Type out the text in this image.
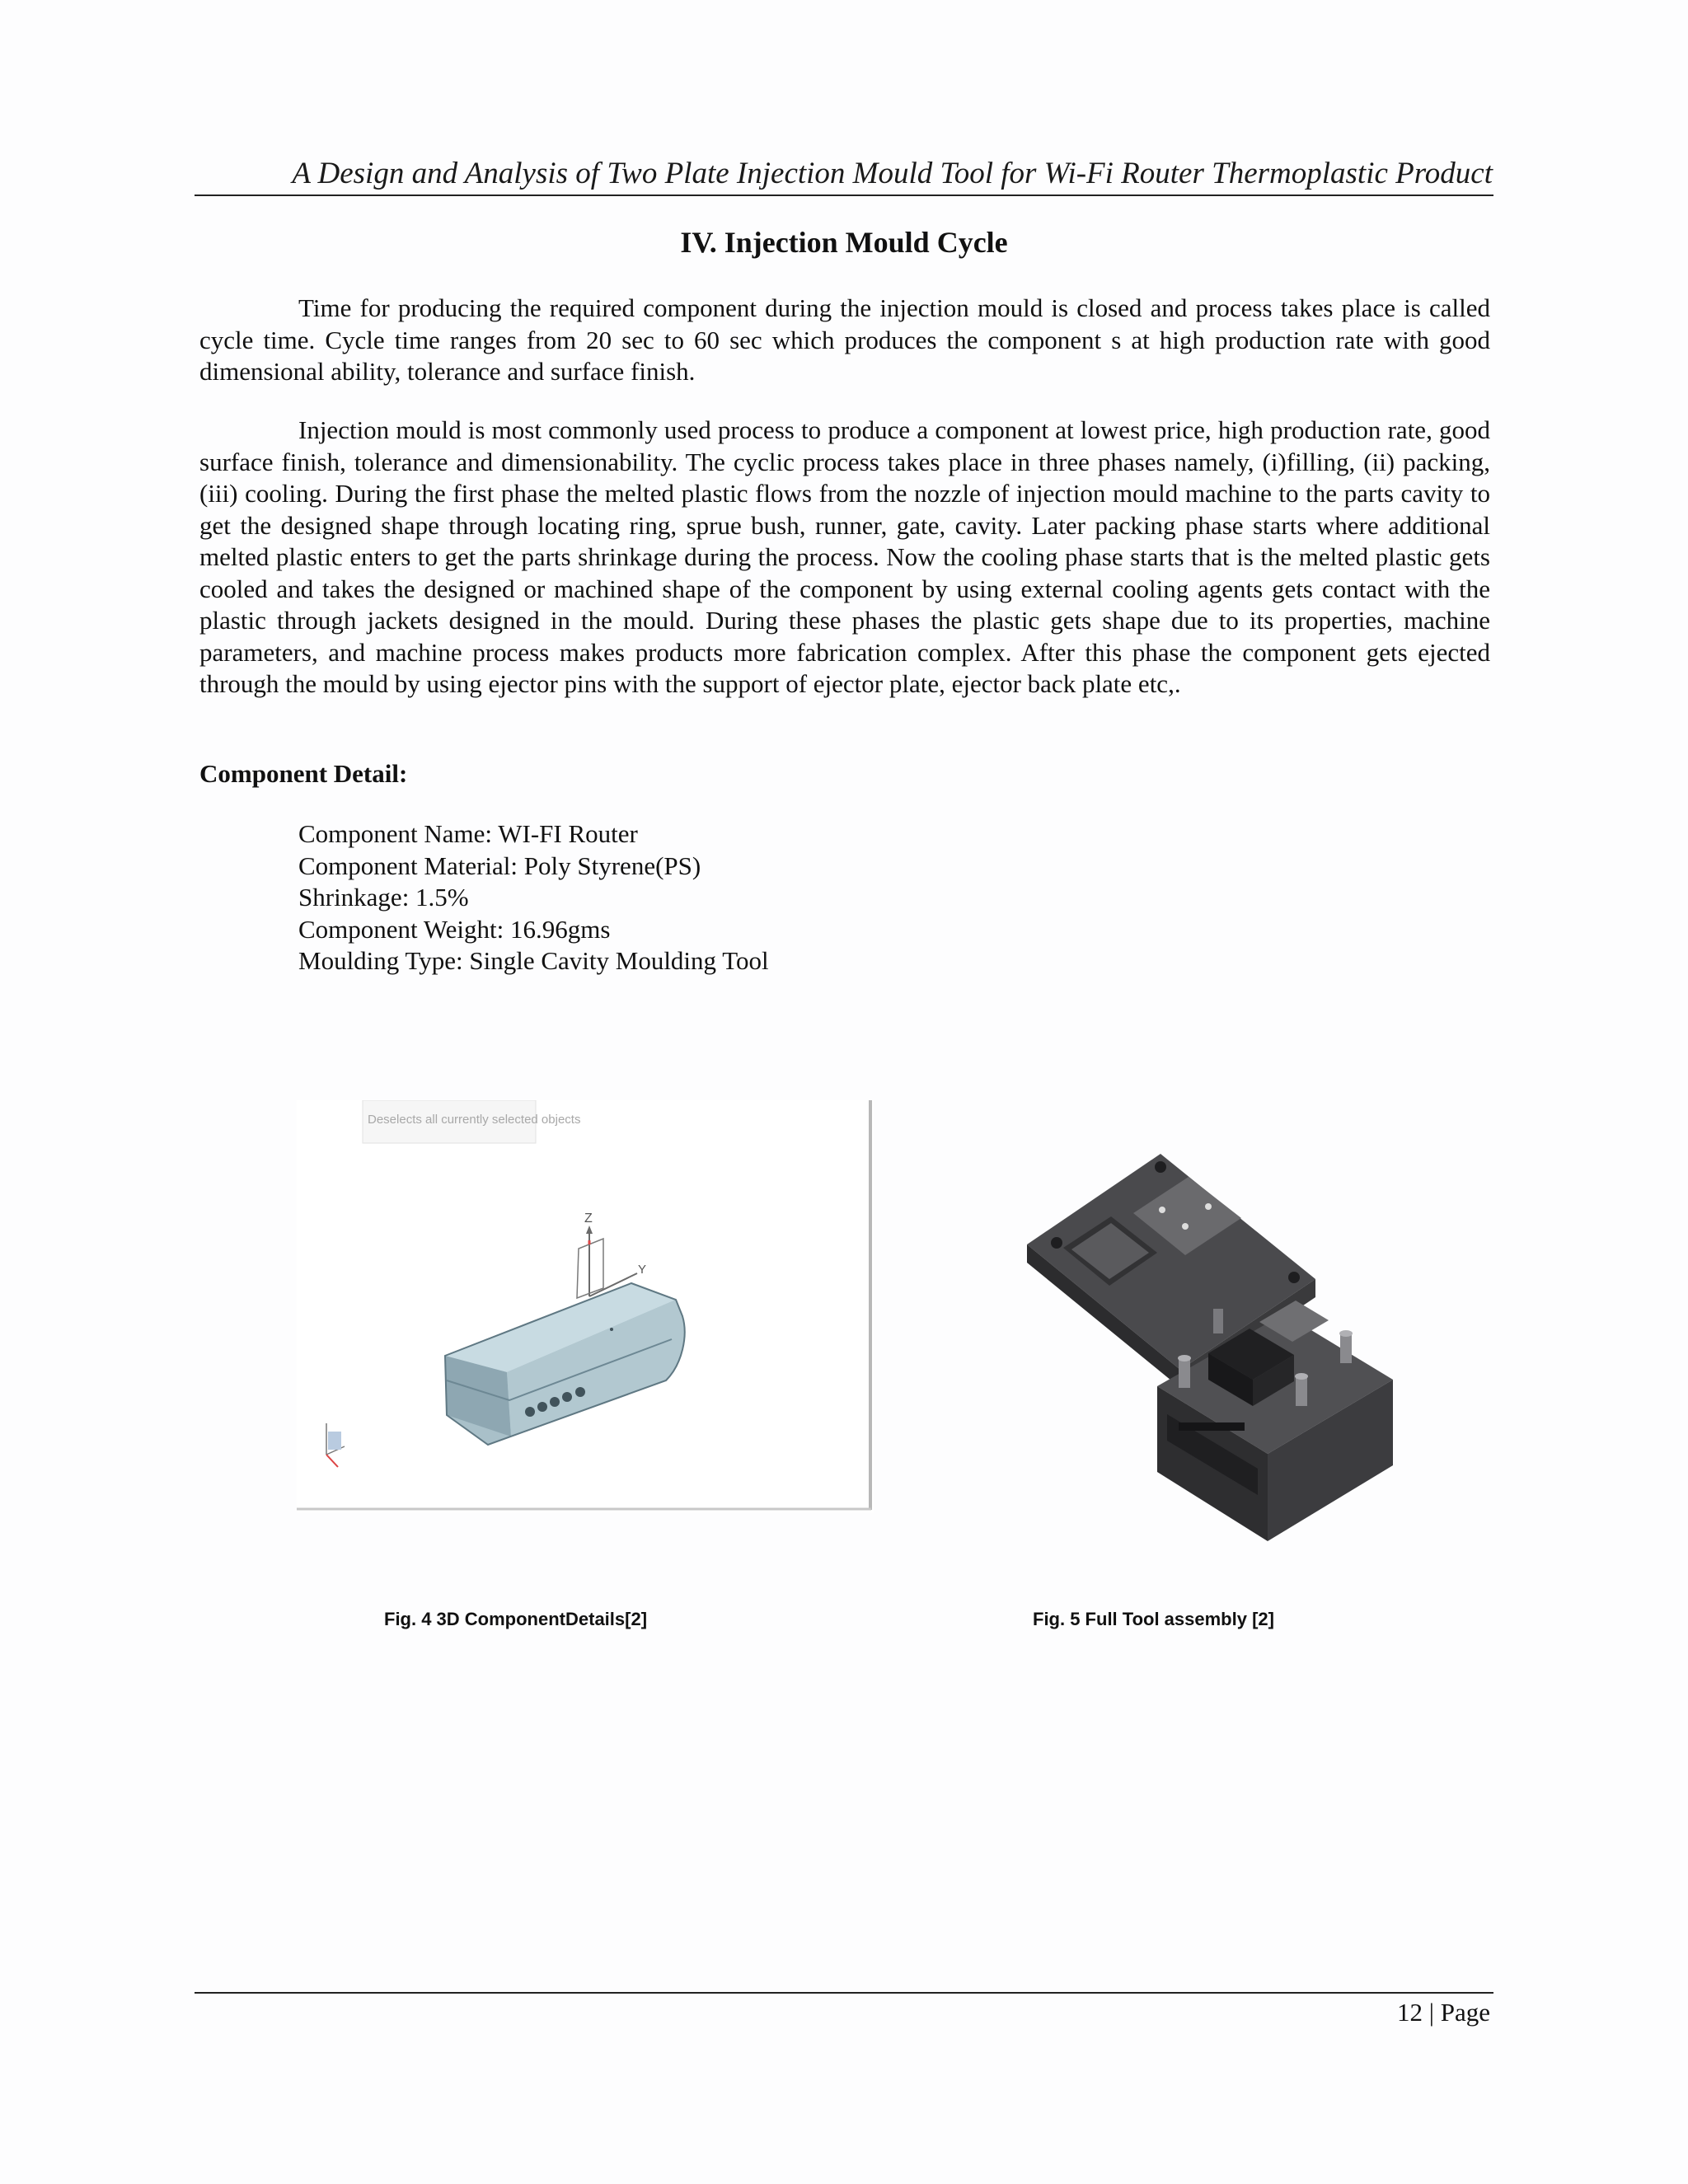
A Design and Analysis of Two Plate Injection Mould Tool for Wi-Fi Router Thermoplastic Product
IV. Injection Mould Cycle

Time for producing the required component during the injection mould is closed and process takes place is called cycle time. Cycle time ranges from 20 sec to 60 sec which produces the component s at high production rate with good dimensional ability, tolerance and surface finish.

Injection mould is most commonly used process to produce a component at lowest price, high production rate, good surface finish, tolerance and dimensionability. The cyclic process takes place in three phases namely, (i)filling, (ii) packing,(iii) cooling. During the first phase the melted plastic flows from the nozzle of injection mould machine to the parts cavity to get the designed shape through locating ring, sprue bush, runner, gate, cavity. Later packing phase starts where additional melted plastic enters to get the parts shrinkage during the process. Now the cooling phase starts that is the melted plastic gets cooled and takes the designed or machined shape of the component by using external cooling agents gets contact with the plastic through jackets designed in the mould. During these phases the plastic gets shape due to its properties, machine parameters, and machine process makes products more fabrication complex. After this phase the component gets ejected through the mould by using ejector pins with the support of ejector plate, ejector back plate etc,.

Component Detail:
Component Name: WI-FI Router
Component Material: Poly Styrene(PS)
Shrinkage: 1.5%
Component Weight: 16.96gms
Moulding Type: Single Cavity Moulding Tool
Deselects all currently selected objects
Z
Y
Fig. 4 3D ComponentDetails[2]	Fig. 5 Full Tool assembly [2]
12 | Page
